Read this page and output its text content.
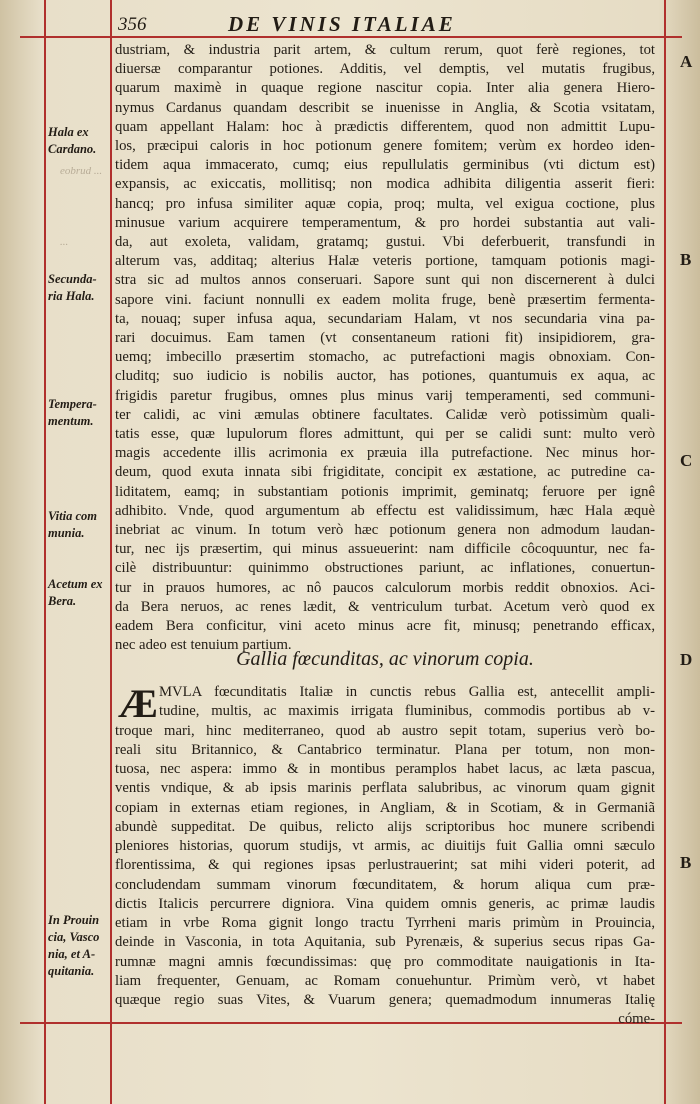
356	DE VINIS ITALIAE
Hala ex Cardano.
Secunda- ria Hala.
Tempera- mentum.
Vitia com munia.
Acetum ex Bera.
In Prouin cia, Vasco nia, et A- quitania.
A
B
C
D
B
dustriam, & industria parit artem, & cultum rerum, quot ferè regiones, tot
diuersæ comparantur potiones. Additis, vel demptis, vel mutatis frugibus,
quarum maximè in quaque regione nascitur copia. Inter alia genera Hiero-
nymus Cardanus quandam describit se inuenisse in Anglia, & Scotia vsitatam,
quam appellant Halam: hoc à prædictis differentem, quod non admittit Lupu-
los, præcipui caloris in hoc potionum genere fomitem; verùm ex hordeo iden-
tidem aqua immacerato, cumq; eius repullulatis germinibus (vti dictum est)
expansis, ac exiccatis, mollitisq; non modica adhibita diligentia asserit fieri:
hancq; pro infusa similiter aquæ copia, proq; multa, vel exigua coctione, plus
minusue varium acquirere temperamentum, & pro hordei substantia aut vali-
da, aut exoleta, validam, gratamq; gustui. Vbi deferbuerit, transfundi in
alterum vas, additaq; alterius Halæ veteris portione, tamquam potionis magi-
stra sic ad multos annos conseruari. Sapore sunt qui non discernerent à dulci
sapore vini. faciunt nonnulli ex eadem molita fruge, benè præsertim fermenta-
ta, nouaq; super infusa aqua, secundariam Halam, vt nos secundaria vina pa-
rari docuimus. Eam tamen (vt consentaneum rationi fit) insipidiorem, gra-
uemq; imbecillo præsertim stomacho, ac putrefactioni magis obnoxiam. Con-
cluditq; suo iudicio is nobilis auctor, has potiones, quantumuis ex aqua, ac
frigidis paretur frugibus, omnes plus minus varij temperamenti, sed communi-
ter calidi, ac vini æmulas obtinere facultates. Calidæ verò potissimùm quali-
tatis esse, quæ lupulorum flores admittunt, qui per se calidi sunt: multo verò
magis accedente illis acrimonia ex præuia illa putrefactione. Nec minus hor-
deum, quod exuta innata sibi frigiditate, concipit ex æstatione, ac putredine ca-
liditatem, eamq; in substantiam potionis imprimit, geminatq; feruore per ignê
adhibito. Vnde, quod argumentum ab effectu est validissimum, hæc Hala æquè
inebriat ac vinum. In totum verò hæc potionum genera non admodum laudan-
tur, nec ijs præsertim, qui minus assueuerint: nam difficile côcoquuntur, nec fa-
cilè distribuuntur: quinimmo obstructiones pariunt, ac inflationes, conuertun-
tur in prauos humores, ac nô paucos calculorum morbis reddit obnoxios. Aci-
da Bera neruos, ac renes lædit, & ventriculum turbat. Acetum verò quod ex
eadem Bera conficitur, vini aceto minus acre fit, minusq; penetrando efficax,
nec adeo est tenuium partium.
Gallia fœcunditas, ac vinorum copia.
Æ MVLA fœcunditatis Italiæ in cunctis rebus Gallia est, antecellit ampli-
tudine, multis, ac maximis irrigata fluminibus, commodis portibus ab v-
troque mari, hinc mediterraneo, quod ab austro sepit totam, superius verò bo-
reali situ Britannico, & Cantabrico terminatur. Plana per totum, non mon-
tuosa, nec aspera: immo & in montibus peramplos habet lacus, ac læta pascua,
ventis vndique, & ab ipsis marinis perflata salubribus, ac vinorum quam gignit
copiam in externas etiam regiones, in Angliam, & in Scotiam, & in Germaniã
abundè suppeditat. De quibus, relicto alijs scriptoribus hoc munere scribendi
pleniores historias, quorum studijs, vt armis, ac diuitijs fuit Gallia omni sæculo
florentissima, & qui regiones ipsas perlustrauerint; sat mihi videri poterit, ad
concludendam summam vinorum fœcunditatem, & horum aliqua cum præ-
dictis Italicis percurrere digniora. Vina quidem omnis generis, ac primæ laudis
etiam in vrbe Roma gignit longo tractu Tyrrheni maris primùm in Prouincia,
deinde in Vasconia, in tota Aquitania, sub Pyrenæis, & superius secus ripas Ga-
rumnæ magni amnis fœcundissimas: quę pro commoditate nauigationis in Ita-
liam frequenter, Genuam, ac Romam conuehuntur. Primùm verò, vt habet
quæque regio suas Vites, & Vuarum genera; quemadmodum innumeras Italię
cóme-
eobrud ...
...
